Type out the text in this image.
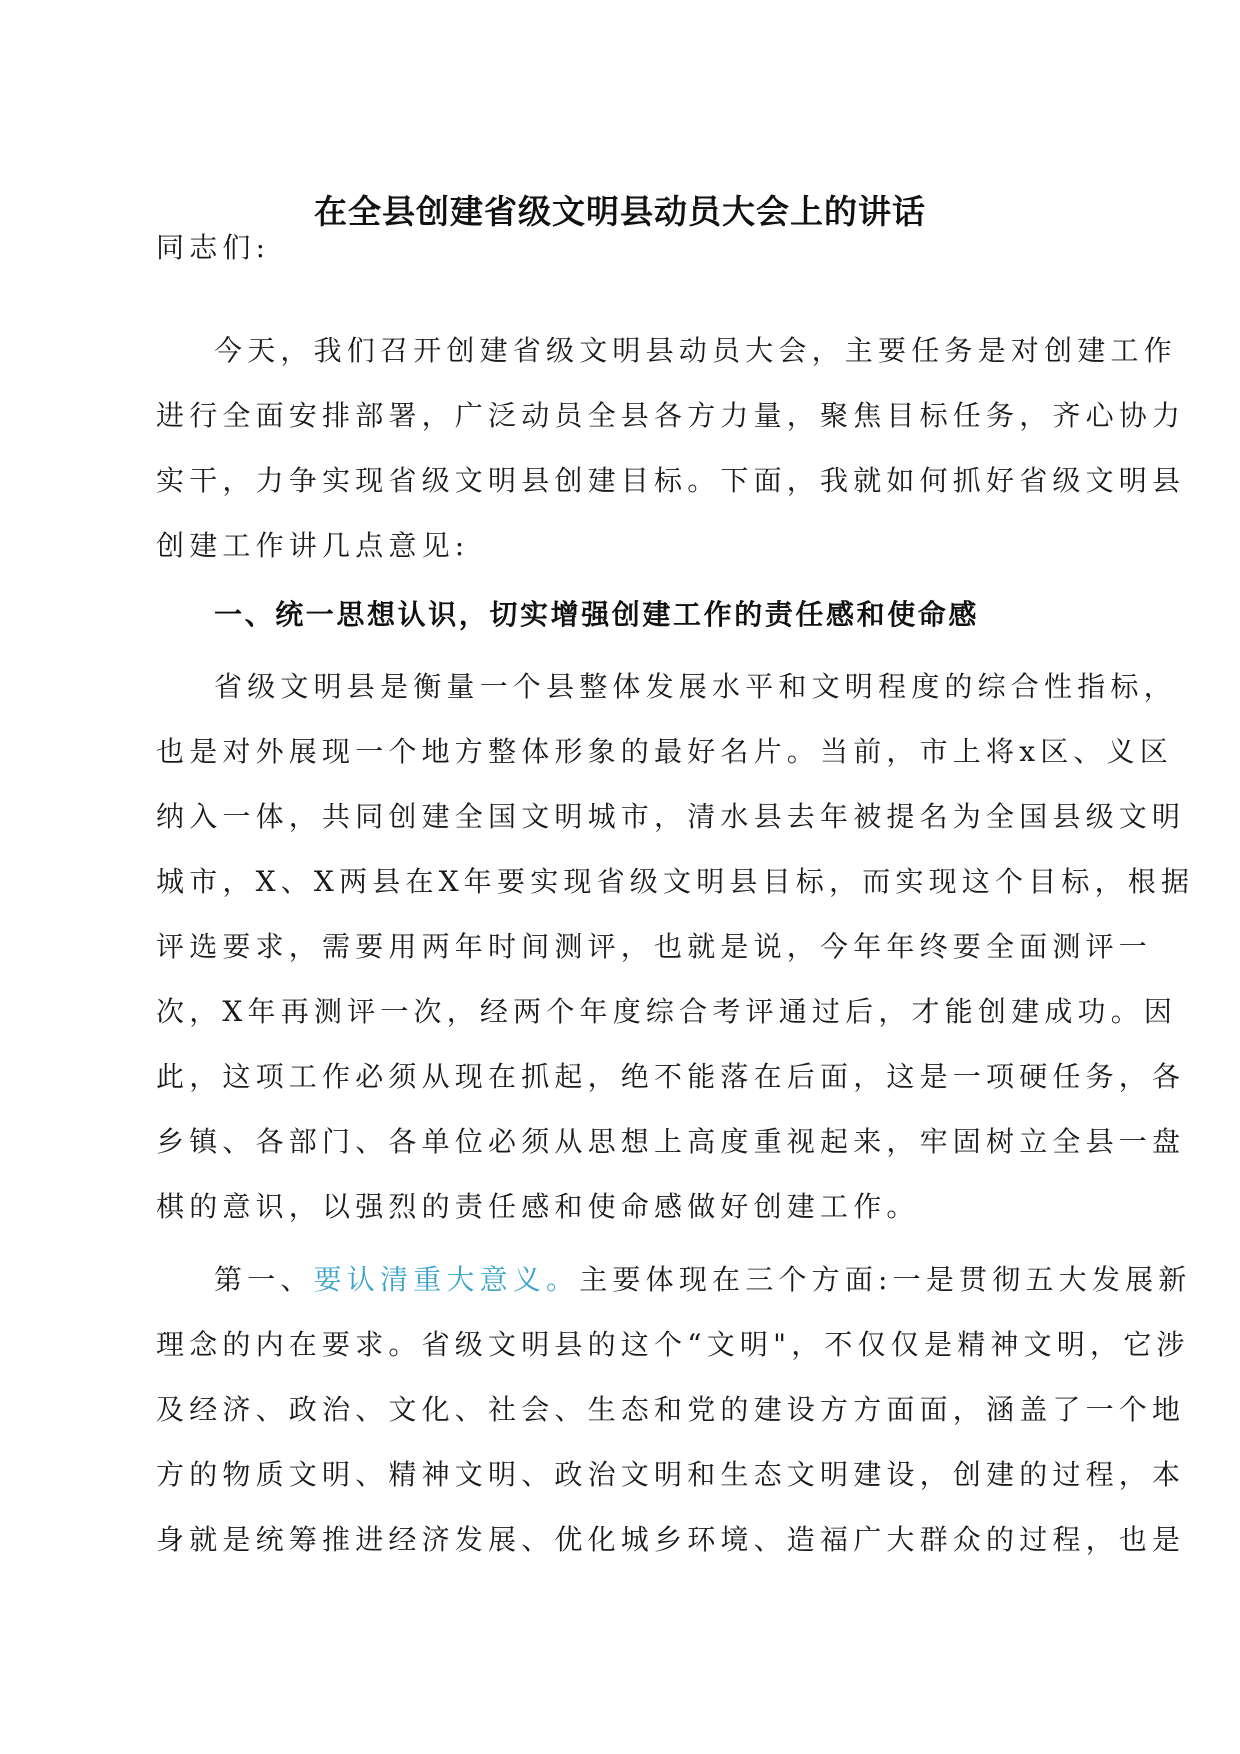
在全县创建省级文明县动员大会上的讲话
同志们:
今天，我们召开创建省级文明县动员大会，主要任务是对创建工作
进行全面安排部署，广泛动员全县各方力量，聚焦目标任务，齐心协力
实干，力争实现省级文明县创建目标。下面，我就如何抓好省级文明县
创建工作讲几点意见:
一、统一思想认识，切实增强创建工作的责任感和使命感
省级文明县是衡量一个县整体发展水平和文明程度的综合性指标，
也是对外展现一个地方整体形象的最好名片。当前，市上将x区、义区
纳入一体，共同创建全国文明城市，清水县去年被提名为全国县级文明
城市，X、X两县在X年要实现省级文明县目标，而实现这个目标，根据
评选要求，需要用两年时间测评，也就是说，今年年终要全面测评一
次，X年再测评一次，经两个年度综合考评通过后，才能创建成功。因
此，这项工作必须从现在抓起，绝不能落在后面，这是一项硬任务，各
乡镇、各部门、各单位必须从思想上高度重视起来，牢固树立全县一盘
棋的意识，以强烈的责任感和使命感做好创建工作。
第一、要认清重大意义。主要体现在三个方面:一是贯彻五大发展新
理念的内在要求。省级文明县的这个“文明"，不仅仅是精神文明，它涉
及经济、政治、文化、社会、生态和党的建设方方面面，涵盖了一个地
方的物质文明、精神文明、政治文明和生态文明建设，创建的过程，本
身就是统筹推进经济发展、优化城乡环境、造福广大群众的过程，也是
